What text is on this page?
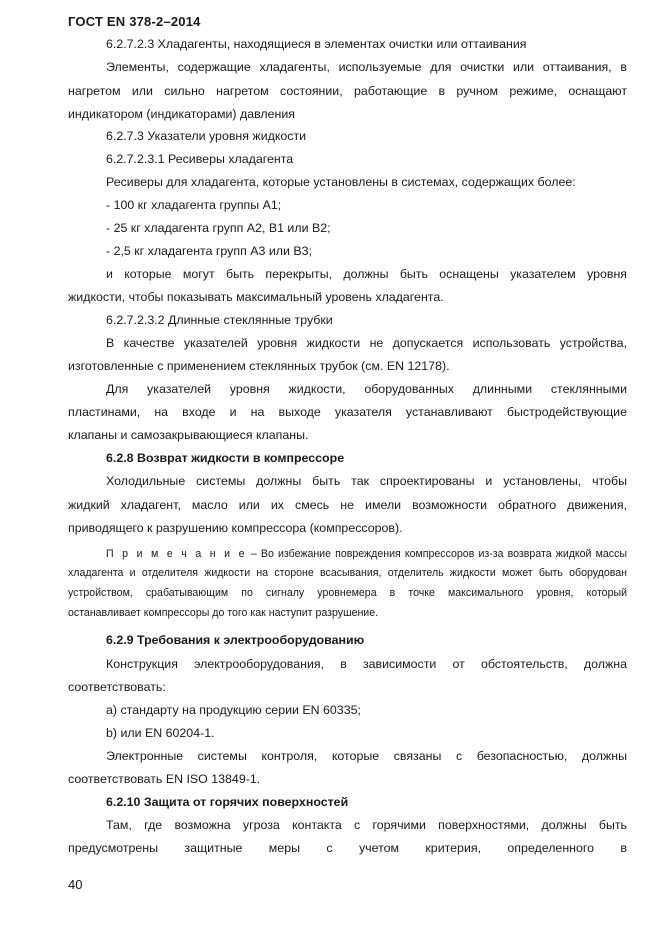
ГОСТ EN 378-2–2014
6.2.7.2.3 Хладагенты, находящиеся в элементах очистки или оттаивания
Элементы, содержащие хладагенты, используемые для очистки или оттаивания, в
нагретом или сильно нагретом состоянии, работающие в ручном режиме, оснащают
индикатором (индикаторами) давления
6.2.7.3 Указатели уровня жидкости
6.2.7.2.3.1 Ресиверы хладагента
Ресиверы для хладагента, которые установлены в системах, содержащих более:
- 100 кг хладагента группы А1;
- 25 кг хладагента групп А2, В1 или В2;
- 2,5 кг хладагента групп А3 или В3;
и которые могут быть перекрыты, должны быть оснащены указателем уровня
жидкости, чтобы показывать максимальный уровень хладагента.
6.2.7.2.3.2 Длинные стеклянные трубки
В качестве указателей уровня жидкости не допускается использовать устройства,
изготовленные с применением стеклянных трубок (см. EN 12178).
Для указателей уровня жидкости, оборудованных длинными стеклянными
пластинами, на входе и на выходе указателя устанавливают быстродействующие
клапаны и самозакрывающиеся клапаны.
6.2.8 Возврат жидкости в компрессоре
Холодильные системы должны быть так спроектированы и установлены, чтобы
жидкий хладагент, масло или их смесь не имели возможности обратного движения,
приводящего к разрушению компрессора (компрессоров).
П р и м е ч а н и е – Во избежание повреждения компрессоров из-за возврата жидкой массы
хладагента и отделителя жидкости на стороне всасывания, отделитель жидкости может быть оборудован
устройством, срабатывающим по сигналу уровнемера в точке максимального уровня, который
останавливает компрессоры до того как наступит разрушение.
6.2.9 Требования к электрооборудованию
Конструкция электрооборудования, в зависимости от обстоятельств, должна
соответствовать:
a) стандарту на продукцию серии EN 60335;
b) или EN 60204-1.
Электронные системы контроля, которые связаны с безопасностью, должны
соответствовать EN ISO 13849-1.
6.2.10 Защита от горячих поверхностей
Там, где возможна угроза контакта с горячими поверхностями, должны быть
предусмотрены защитные меры с учетом критерия, определенного в
40
